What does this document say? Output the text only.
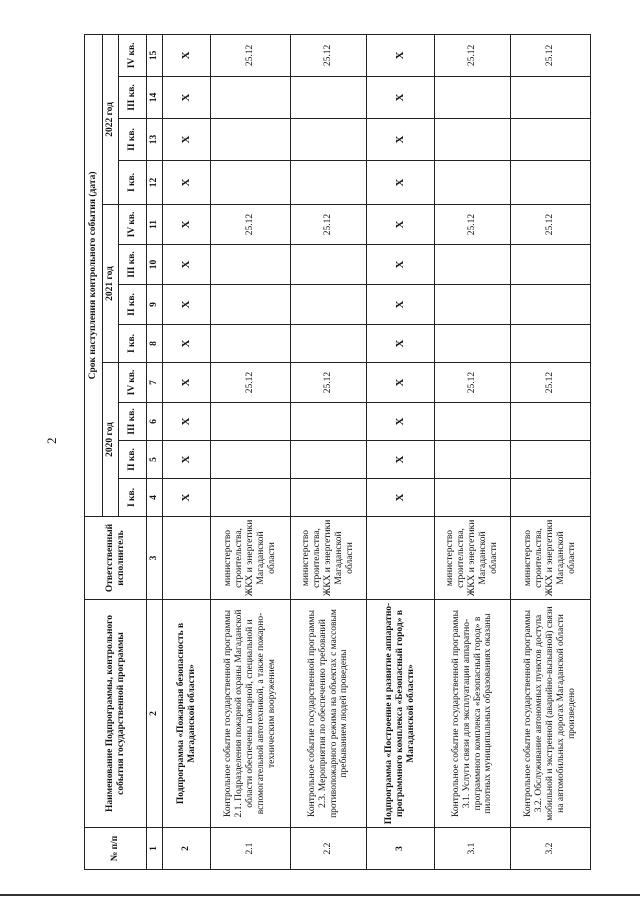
2
№ п/п	Наименование Подпрограммы, контрольного события государственной программы	Ответственный исполнитель	Срок наступления контрольного события (дата)											
			2020 год				2021 год				2022 год			
			I кв.	II кв.	III кв.	IV кв.	I кв.	II кв.	III кв.	IV кв.	I кв.	II кв.	III кв.	IV кв.
1	2	3	4	5	6	7	8	9	10	11	12	13	14	15
2	Подпрограмма «Пожарная безопасность в Магаданской области»		X	X	X	X	X	X	X	X	X	X	X	X
2.1	Контрольное событие государственной программы 2.1. Подразделения пожарной охраны Магаданской области обеспечены пожарной, специальной и вспомогательной автотехникой, а также пожарно-техническим вооружением	министерство строительства, ЖКХ и энергетики Магаданской области				25.12				25.12				25.12
2.2	Контрольное событие государственной программы 2.3. Мероприятия по обеспечению требований противопожарного режима на объектах с массовым пребыванием людей проведены	министерство строительства, ЖКХ и энергетики Магаданской области				25.12				25.12				25.12
3	Подпрограмма «Построение и развитие аппаратно-программного комплекса «Безопасный город» в Магаданской области»		X	X	X	X	X	X	X	X	X	X	X	X
3.1	Контрольное событие государственной программы 3.1. Услуги связи для эксплуатации аппаратно-программного комплекса «Безопасный город» в пилотных муниципальных образованиях оказаны	министерство строительства, ЖКХ и энергетики Магаданской области				25.12				25.12				25.12
3.2	Контрольное событие государственной программы 3.2. Обслуживание автономных пунктов доступа мобильной и экстренной (аварийно-вызывной) связи на автомобильных дорогах Магаданской области произведено	министерство строительства, ЖКХ и энергетики Магаданской области				25.12				25.12				25.12
